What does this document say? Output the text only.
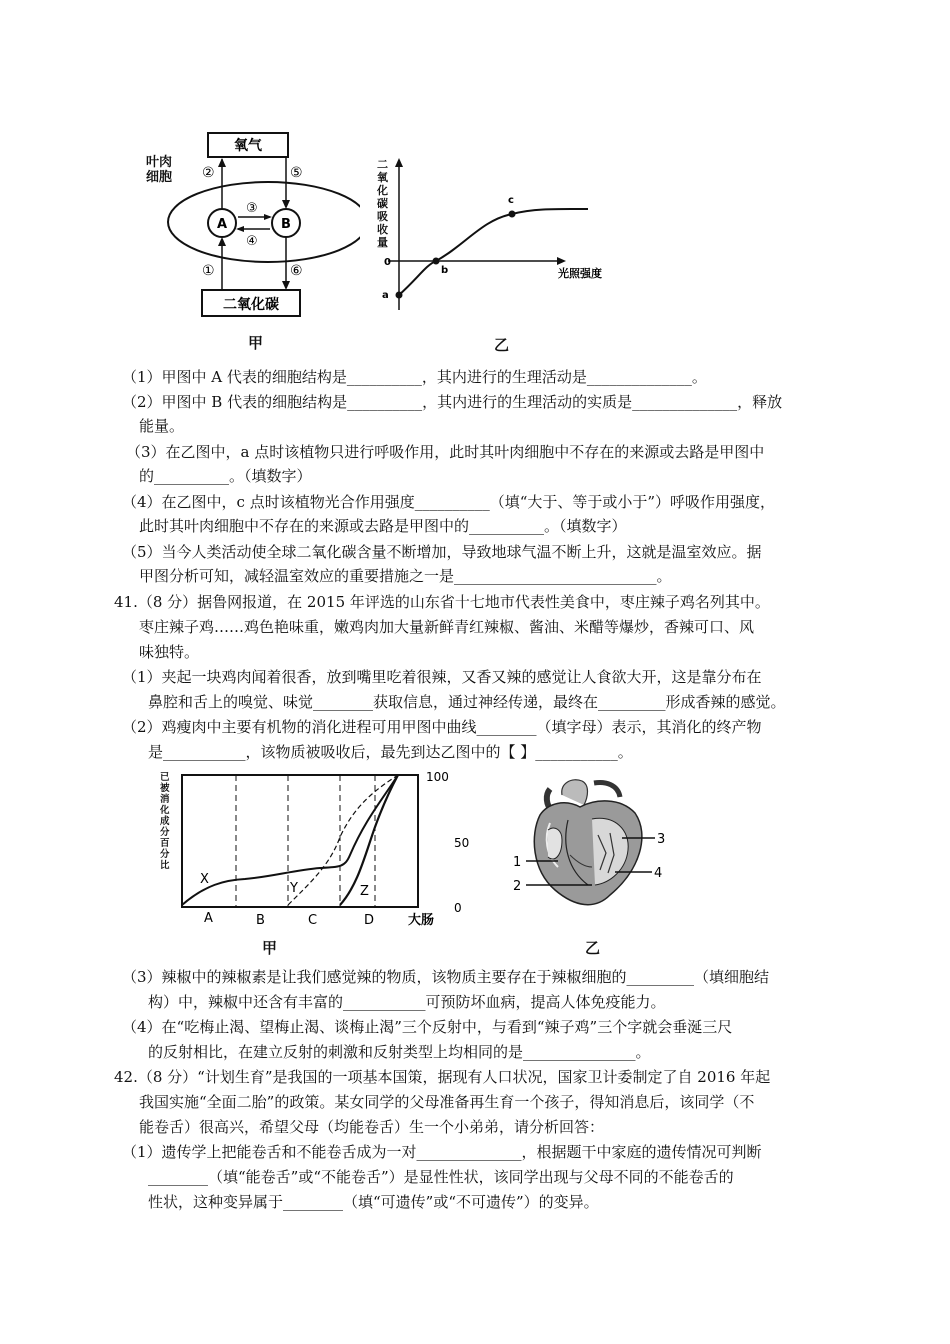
氧气
二氧化碳
A	B
②	⑤
③
④
①	⑥
叶肉
细胞
甲
a
b
c
0
光照强度
二氧化碳吸收量
乙
（1）甲图中 A 代表的细胞结构是__________，其内进行的生理活动是______________。
（2）甲图中 B 代表的细胞结构是__________，其内进行的生理活动的实质是______________，释放
能量。
（3）在乙图中，a 点时该植物只进行呼吸作用，此时其叶肉细胞中不存在的来源或去路是甲图中
的__________。（填数字）
（4）在乙图中，c 点时该植物光合作用强度__________（填“大于、等于或小于”）呼吸作用强度，
此时其叶肉细胞中不存在的来源或去路是甲图中的__________。（填数字）
（5）当今人类活动使全球二氧化碳含量不断增加，导致地球气温不断上升，这就是温室效应。据
甲图分析可知，减轻温室效应的重要措施之一是___________________________。
41.（8 分）据鲁网报道，在 2015 年评选的山东省十七地市代表性美食中，枣庄辣子鸡名列其中。
枣庄辣子鸡……鸡色艳味重，嫩鸡肉加大量新鲜青红辣椒、酱油、米醋等爆炒，香辣可口、风
味独特。
（1）夹起一块鸡肉闻着很香，放到嘴里吃着很辣，又香又辣的感觉让人食欲大开，这是靠分布在
鼻腔和舌上的嗅觉、味觉________获取信息，通过神经传递，最终在_________形成香辣的感觉。
（2）鸡瘦肉中主要有机物的消化进程可用甲图中曲线________（填字母）表示，其消化的终产物
是___________，该物质被吸收后，最先到达乙图中的【 】___________。
已被消化成分百分比
X
Y	Z
A	B	C	D	大肠
100
50
0
甲
1
2
3
4
乙
（3）辣椒中的辣椒素是让我们感觉辣的物质，该物质主要存在于辣椒细胞的_________（填细胞结
构）中，辣椒中还含有丰富的___________可预防坏血病，提高人体免疫能力。
（4）在“吃梅止渴、望梅止渴、谈梅止渴”三个反射中，与看到“辣子鸡”三个字就会垂涎三尺
的反射相比，在建立反射的刺激和反射类型上均相同的是_______________。
42.（8 分）“计划生育”是我国的一项基本国策，据现有人口状况，国家卫计委制定了自 2016 年起
我国实施“全面二胎”的政策。某女同学的父母准备再生育一个孩子，得知消息后，该同学（不
能卷舌）很高兴，希望父母（均能卷舌）生一个小弟弟，请分析回答：
（1）遗传学上把能卷舌和不能卷舌成为一对______________，根据题干中家庭的遗传情况可判断
________（填“能卷舌”或“不能卷舌”）是显性性状，该同学出现与父母不同的不能卷舌的
性状，这种变异属于________（填“可遗传”或“不可遗传”）的变异。
